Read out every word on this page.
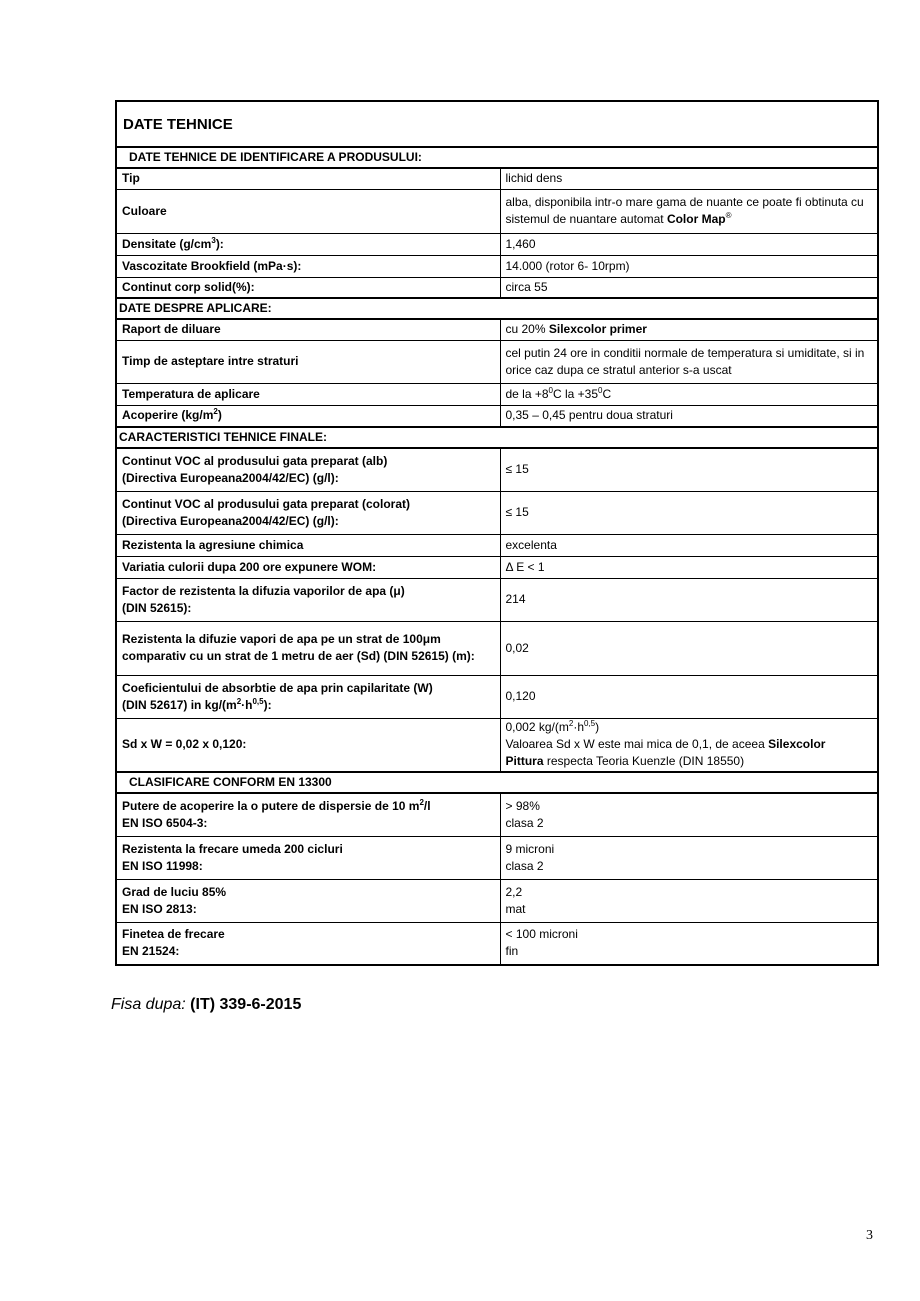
DATE TEHNICE	
DATE TEHNICE DE IDENTIFICARE A PRODUSULUI:	
Tip	lichid dens
Culoare	alba, disponibila intr-o mare gama de nuante ce poate fi obtinuta cu
sistemul de nuantare automat Color Map®
Densitate $(g/cm^3)$:	1,460
Vascozitate Brookfield (mPa·s):	14.000 (rotor 6- 10rpm)
Continut corp solid(%):	circa 55
DATE DESPRE APLICARE:	
Raport de diluare	cu 20% Silexcolor primer
Timp de asteptare intre straturi	cel putin 24 ore in conditii normale de temperatura si umiditate, si in
orice caz dupa ce stratul anterior s-a uscat
Temperatura de aplicare	de la $+8^0C$ la $+35^0C$
Acoperire $(kg/m^2)$	0,35 – 0,45 pentru doua straturi
CARACTERISTICI TEHNICE FINALE:	
Continut VOC al produsului gata preparat (alb)
(Directiva Europeana2004/42/EC) (g/l):	≤ 15
Continut VOC al produsului gata preparat (colorat)
(Directiva Europeana2004/42/EC) (g/l):	≤ 15
Rezistenta la agresiune chimica	excelenta
Variatia culorii dupa 200 ore expunere WOM:	Δ E < 1
Factor de rezistenta la difuzia vaporilor de apa (μ)
(DIN 52615):	214
Rezistenta la difuzie vapori de apa pe un strat de 100μm
comparativ cu un strat de 1 metru de aer (Sd) (DIN 52615) (m):	0,02
Coeficientului de absorbtie de apa prin capilaritate (W)
(DIN 52617) in $kg/(m^2\cdot h^{0,5})$:	0,120
Sd x W = 0,02 x 0,120:	0,002 $kg/(m^2\cdot h^{0,5})$
Valoarea Sd x W este mai mica de 0,1, de aceea Silexcolor
Pittura respecta Teoria Kuenzle (DIN 18550)
CLASIFICARE CONFORM EN 13300	
Putere de acoperire la o putere de dispersie de 10 $m^2/l$
EN ISO 6504-3:	> 98%
clasa 2
Rezistenta la frecare umeda 200 cicluri
EN ISO 11998:	9 microni
clasa 2
Grad de luciu 85%
EN ISO 2813:	2,2
mat
Finetea de frecare
EN 21524:	< 100 microni
fin
Fisa dupa: (IT) 339-6-2015
3
